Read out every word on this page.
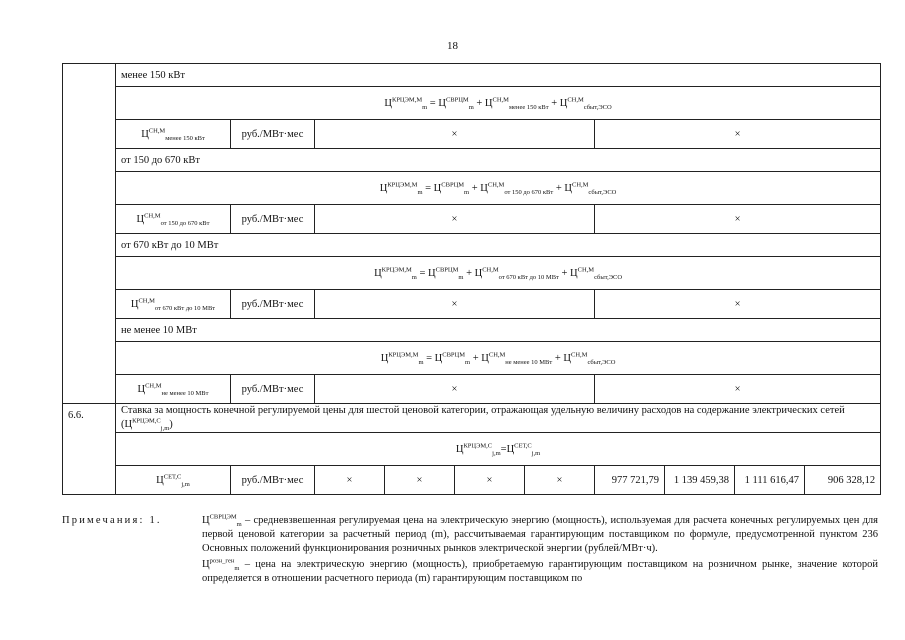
18
	менее 150 кВт									
	$Ц^{КРЦЭМ,М}_m = Ц^{СВРЦМ}_m + Ц^{СН,М}_{менее 150 кВт} + Ц^{СН,М}_{сбыт,ЭСО}$
	$Ц^{СН,М}_{менее 150 кВт}$	руб./МВт·мес	×				×			
	от 150 до 670 кВт									
	$Ц^{КРЦЭМ,М}_m = Ц^{СВРЦМ}_m + Ц^{СН,М}_{от 150 до 670 кВт} + Ц^{СН,М}_{сбыт,ЭСО}$
	$Ц^{СН,М}_{от 150 до 670 кВт}$	руб./МВт·мес	×				×			
	от 670 кВт до 10 МВт									
	$Ц^{КРЦЭМ,М}_m = Ц^{СВРЦМ}_m + Ц^{СН,М}_{от 670 кВт до 10 МВт} + Ц^{СН,М}_{сбыт,ЭСО}$
	$Ц^{СН,М}_{от 670 кВт до 10 МВт}$	руб./МВт·мес	×				×			
	не менее 10 МВт									
	$Ц^{КРЦЭМ,М}_m = Ц^{СВРЦМ}_m + Ц^{СН,М}_{не менее 10 МВт} + Ц^{СН,М}_{сбыт,ЭСО}$
	$Ц^{СН,М}_{не менее 10 МВт}$	руб./МВт·мес	×				×			
6.6.	Ставка за мощность конечной регулируемой цены для шестой ценовой категории, отражающая удельную величину расходов на содержание электрических сетей $(Ц^{КРЦЭМ,С}_{j,m})$									
	$Ц^{КРЦЭМ,С}_{j,m}=Ц^{СЕТ,С}_{j,m}$
	$Ц^{СЕТ,С}_{j,m}$	руб./МВт·мес	×	×	×	×	977 721,79	1 139 459,38	1 111 616,47	906 328,12
Примечания: 1.	$Ц^{СВРЦЭМ}_m$ – средневзвешенная регулируемая цена на электрическую энергию (мощность), используемая для расчета конечных регулируемых цен для первой ценовой категории за расчетный период (m), рассчитываемая гарантирующим поставщиком по формуле, предусмотренной пунктом 236 Основных положений функционирования розничных рынков электрической энергии (рублей/МВт·ч).

$Ц^{розн\_ген}_m$ – цена на электрическую энергию (мощность), приобретаемую гарантирующим поставщиком на розничном рынке, значение которой определяется в отношении расчетного периода (m) гарантирующим поставщиком по
